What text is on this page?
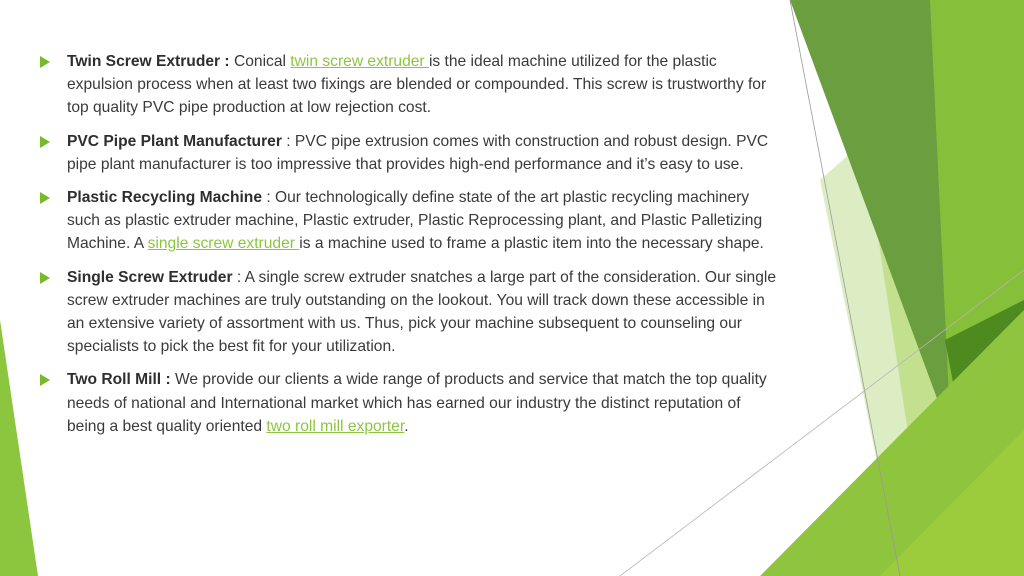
Twin Screw Extruder : Conical twin screw extruder is the ideal machine utilized for the plastic expulsion process when at least two fixings are blended or compounded. This screw is trustworthy for top quality PVC pipe production at low rejection cost.
PVC Pipe Plant Manufacturer : PVC pipe extrusion comes with construction and robust design. PVC pipe plant manufacturer is too impressive that provides high-end performance and it’s easy to use.
Plastic Recycling Machine : Our technologically define state of the art plastic recycling machinery such as plastic extruder machine, Plastic extruder, Plastic Reprocessing plant, and Plastic Palletizing Machine. A single screw extruder is a machine used to frame a plastic item into the necessary shape.
Single Screw Extruder : A single screw extruder snatches a large part of the consideration. Our single screw extruder machines are truly outstanding on the lookout. You will track down these accessible in an extensive variety of assortment with us. Thus, pick your machine subsequent to counseling our specialists to pick the best fit for your utilization.
Two Roll Mill : We provide our clients a wide range of products and service that match the top quality needs of national and International market which has earned our industry the distinct reputation of being a best quality oriented two roll mill exporter.
